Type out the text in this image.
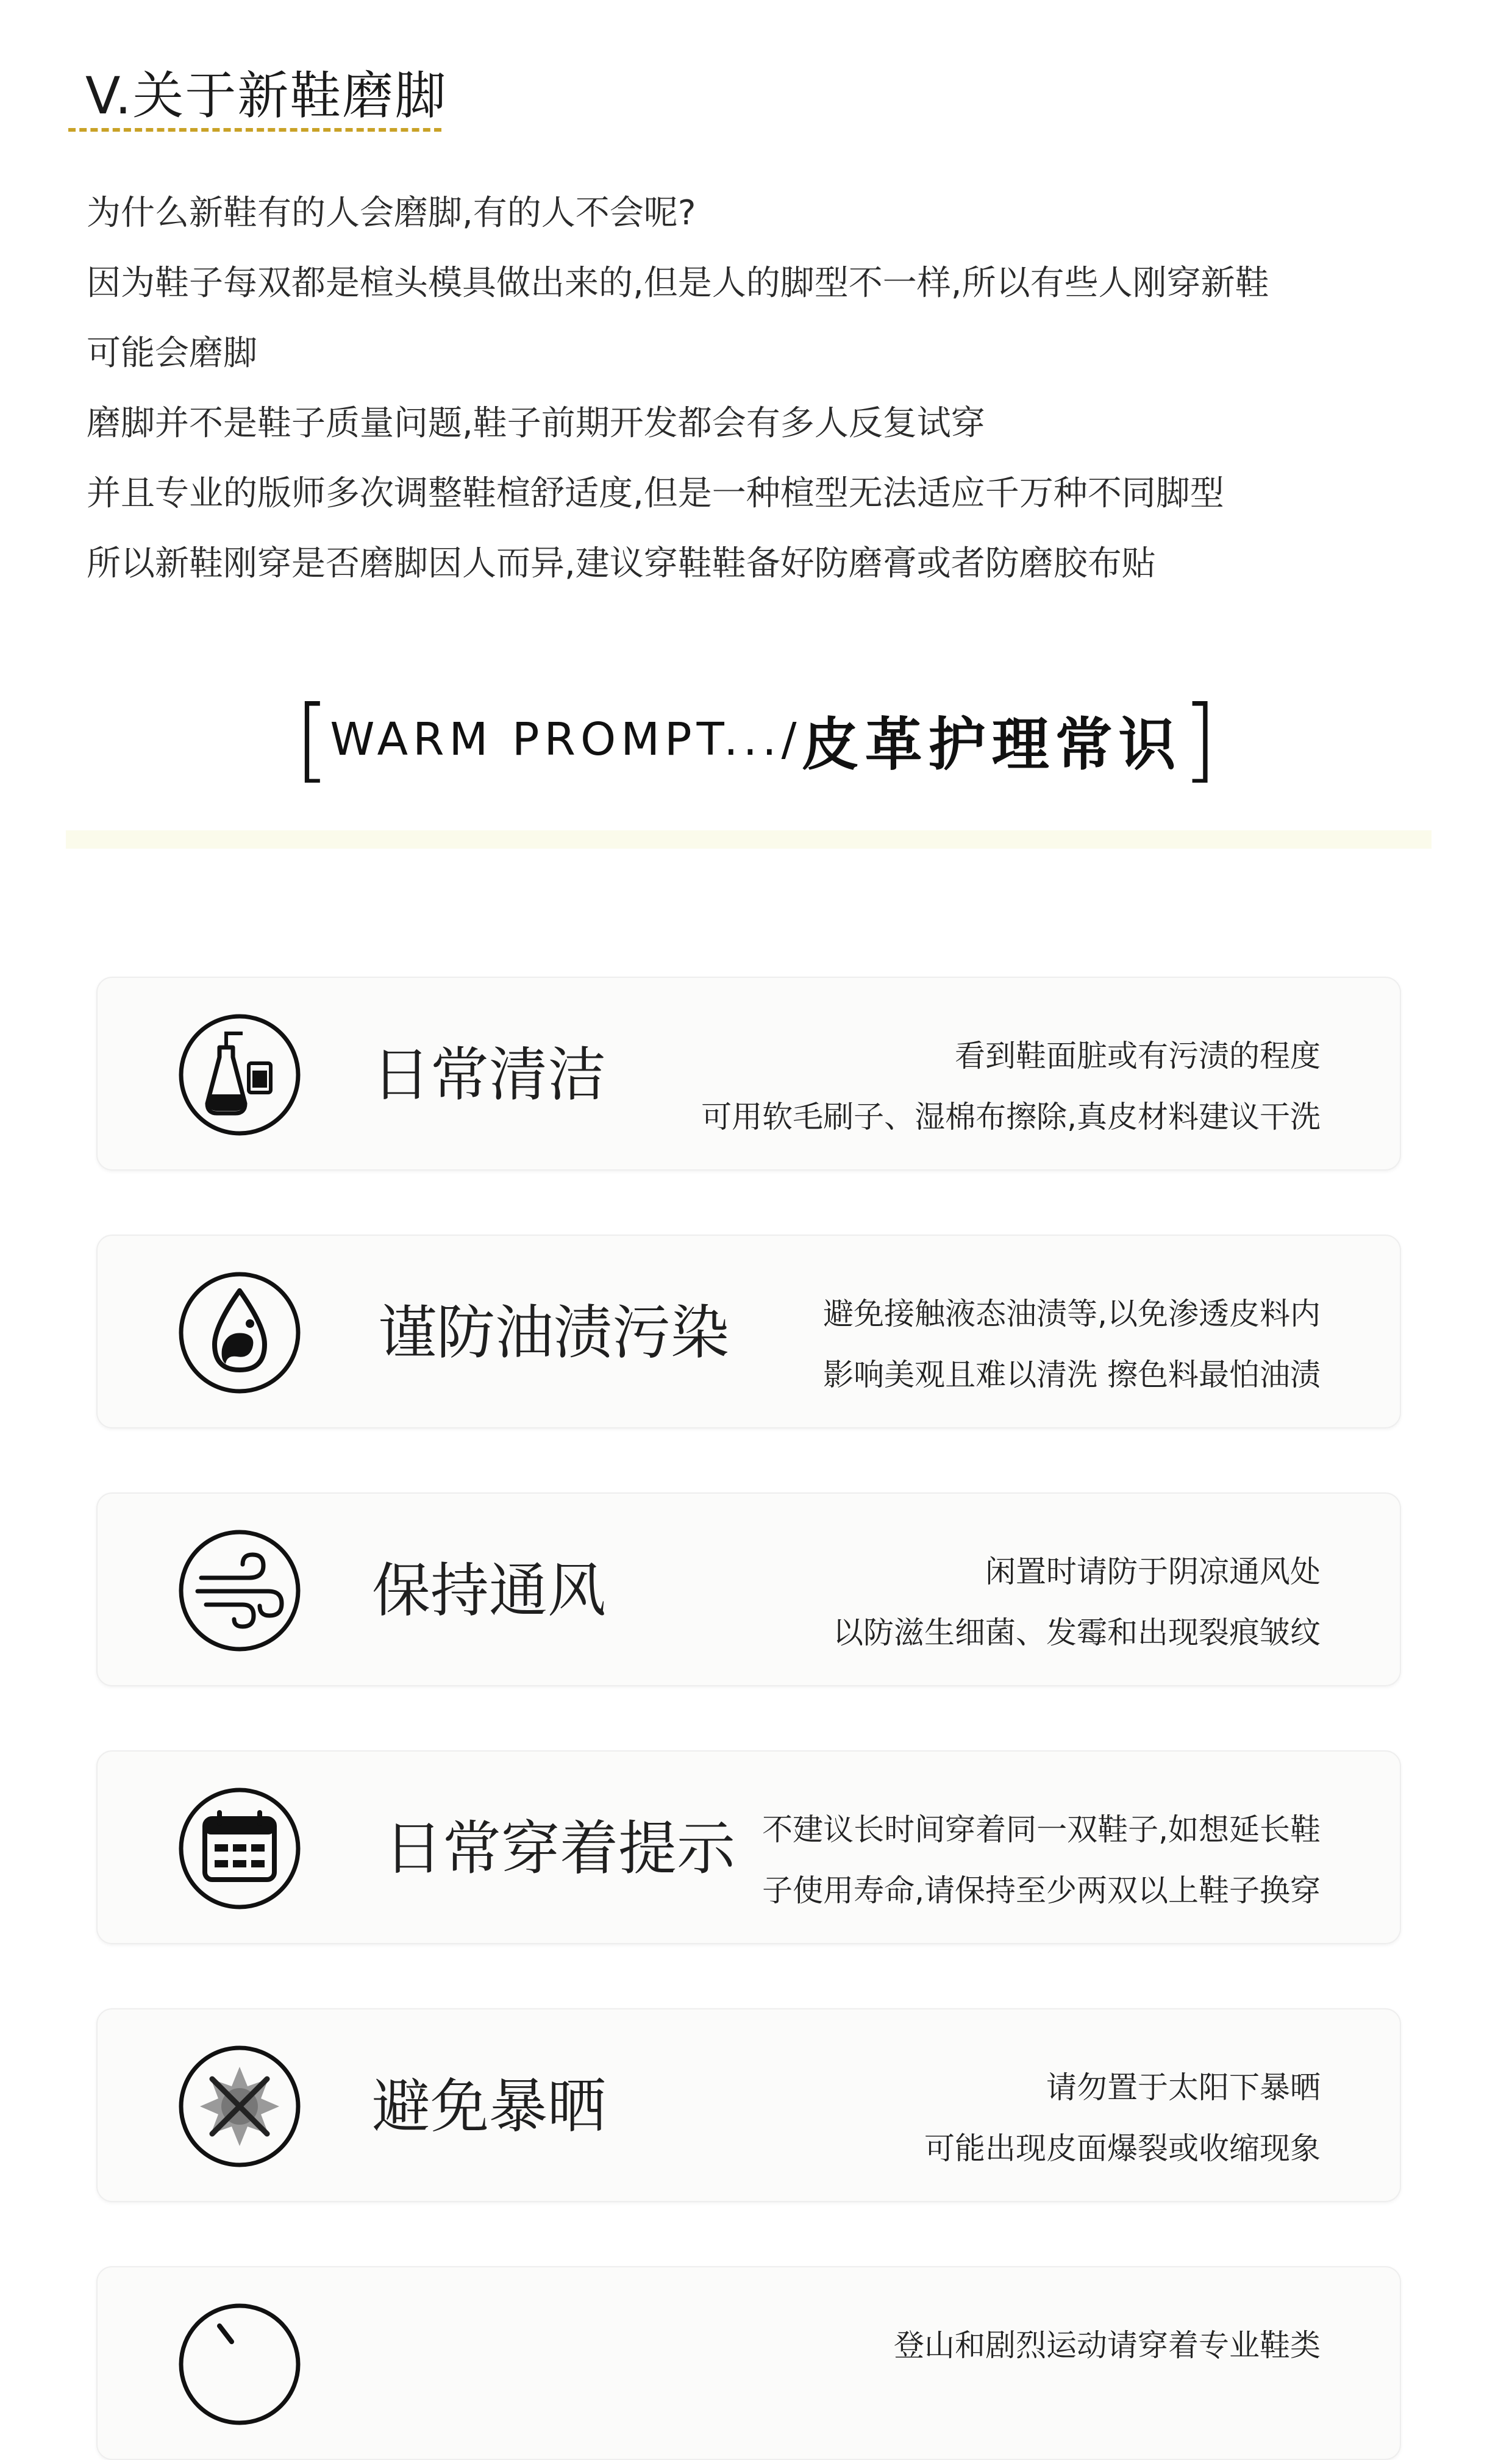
V.关于新鞋磨脚
为什么新鞋有的人会磨脚,有的人不会呢?
因为鞋子每双都是楦头模具做出来的,但是人的脚型不一样,所以有些人刚穿新鞋
可能会磨脚
磨脚并不是鞋子质量问题,鞋子前期开发都会有多人反复试穿
并且专业的版师多次调整鞋楦舒适度,但是一种楦型无法适应千万种不同脚型
所以新鞋刚穿是否磨脚因人而异,建议穿鞋鞋备好防磨膏或者防磨胶布贴
[WARM PROMPT.../皮革护理常识]
日常清洁	看到鞋面脏或有污渍的程度
可用软毛刷子、湿棉布擦除,真皮材料建议干洗
谨防油渍污染	避免接触液态油渍等,以免渗透皮料内
影响美观且难以清洗 擦色料最怕油渍
保持通风	闲置时请防于阴凉通风处
以防滋生细菌、发霉和出现裂痕皱纹
日常穿着提示 不建议长时间穿着同一双鞋子,如想延长鞋
子使用寿命,请保持至少两双以上鞋子换穿
避免暴晒	请勿置于太阳下暴晒
可能出现皮面爆裂或收缩现象
登山和剧烈运动请穿着专业鞋类
